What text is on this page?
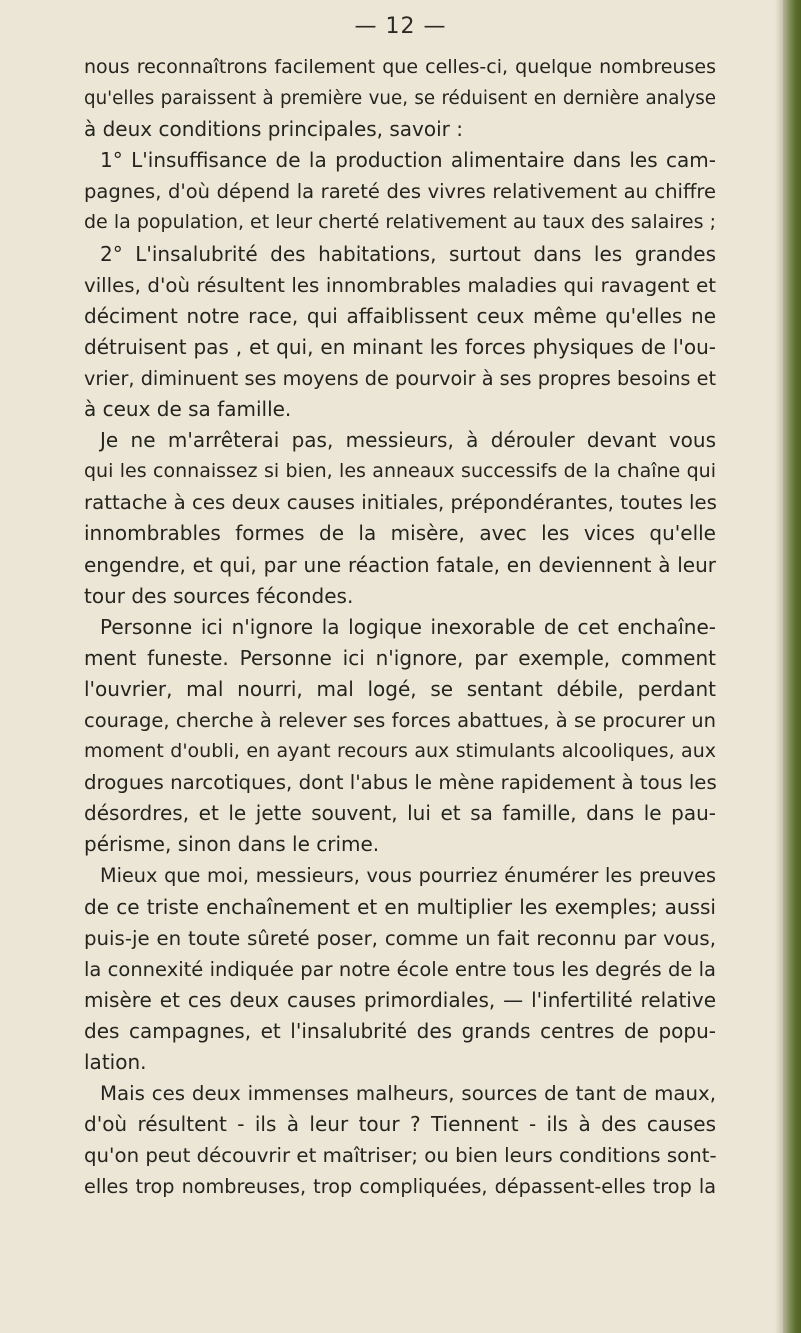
— 12 —
nous reconnaîtrons facilement que celles-ci, quelque nombreuses
qu'elles paraissent à première vue, se réduisent en dernière analyse
à deux conditions principales, savoir :
1° L'insuffisance de la production alimentaire dans les cam-
pagnes, d'où dépend la rareté des vivres relativement au chiffre
de la population, et leur cherté relativement au taux des salaires ;
2° L'insalubrité des habitations, surtout dans les grandes
villes, d'où résultent les innombrables maladies qui ravagent et
déciment notre race, qui affaiblissent ceux même qu'elles ne
détruisent pas , et qui, en minant les forces physiques de l'ou-
vrier, diminuent ses moyens de pourvoir à ses propres besoins et
à ceux de sa famille.
Je ne m'arrêterai pas, messieurs, à dérouler devant vous
qui les connaissez si bien, les anneaux successifs de la chaîne qui
rattache à ces deux causes initiales, prépondérantes, toutes les
innombrables formes de la misère, avec les vices qu'elle
engendre, et qui, par une réaction fatale, en deviennent à leur
tour des sources fécondes.
Personne ici n'ignore la logique inexorable de cet enchaîne-
ment funeste. Personne ici n'ignore, par exemple, comment
l'ouvrier, mal nourri, mal logé, se sentant débile, perdant
courage, cherche à relever ses forces abattues, à se procurer un
moment d'oubli, en ayant recours aux stimulants alcooliques, aux
drogues narcotiques, dont l'abus le mène rapidement à tous les
désordres, et le jette souvent, lui et sa famille, dans le pau-
périsme, sinon dans le crime.
Mieux que moi, messieurs, vous pourriez énumérer les preuves
de ce triste enchaînement et en multiplier les exemples; aussi
puis-je en toute sûreté poser, comme un fait reconnu par vous,
la connexité indiquée par notre école entre tous les degrés de la
misère et ces deux causes primordiales, — l'infertilité relative
des campagnes, et l'insalubrité des grands centres de popu-
lation.
Mais ces deux immenses malheurs, sources de tant de maux,
d'où résultent - ils à leur tour ? Tiennent - ils à des causes
qu'on peut découvrir et maîtriser; ou bien leurs conditions sont-
elles trop nombreuses, trop compliquées, dépassent-elles trop la
